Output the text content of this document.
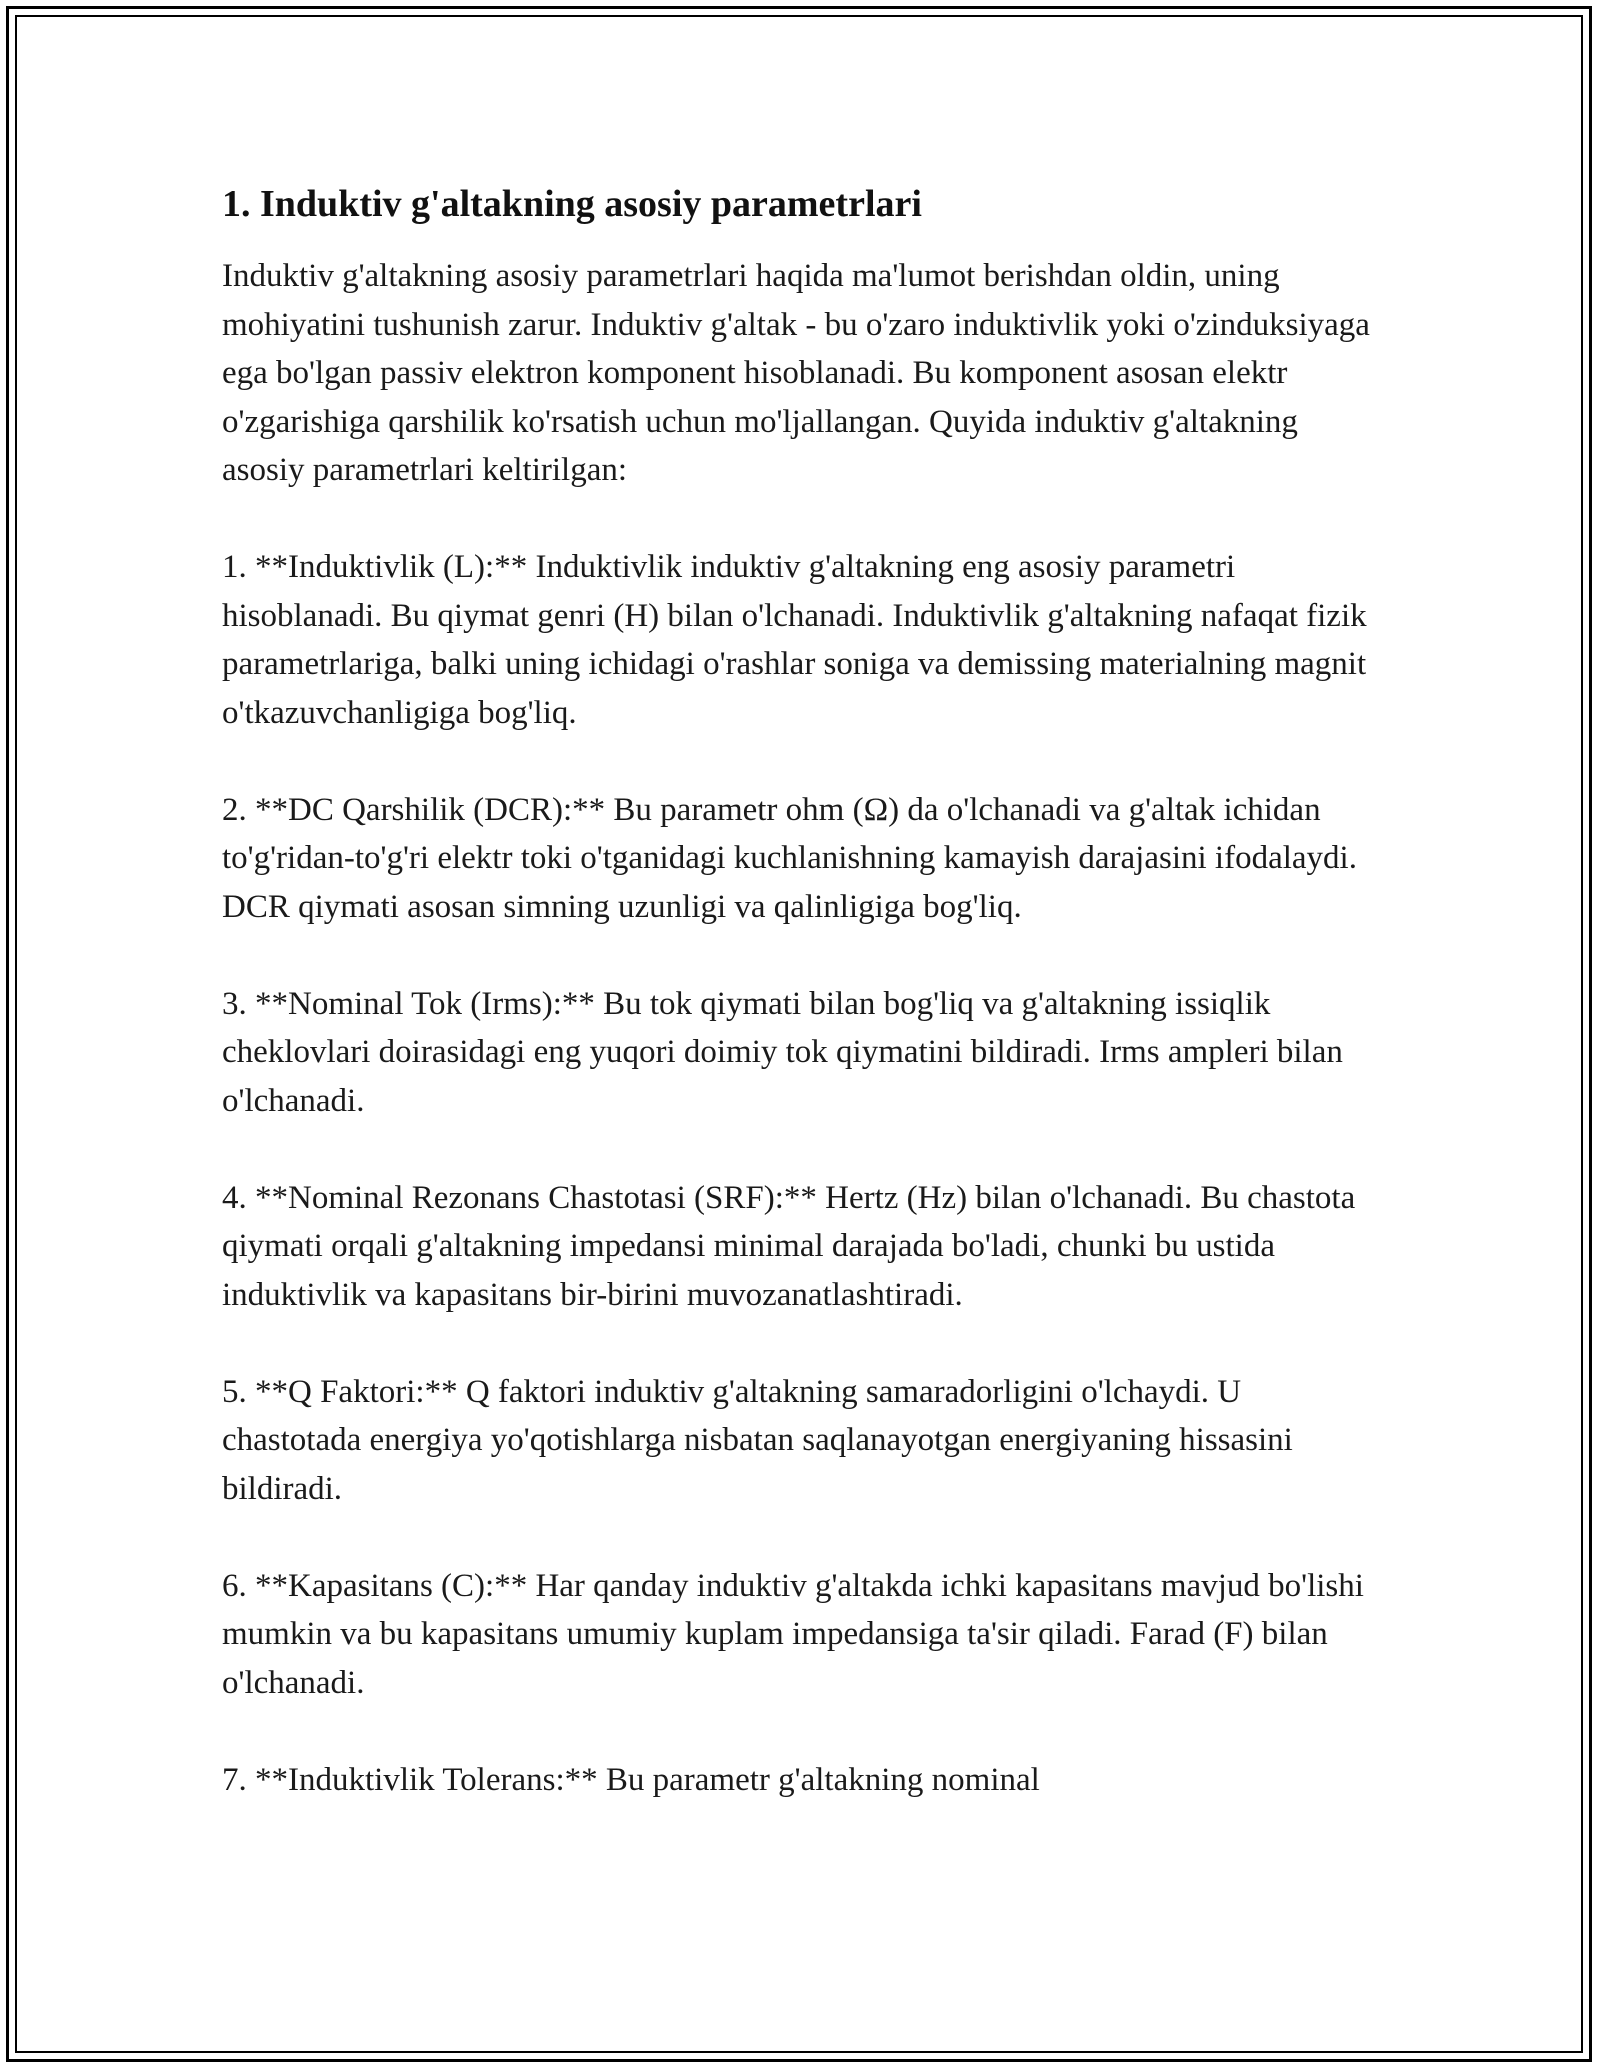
1. Induktiv g'altakning asosiy parametrlari

Induktiv g'altakning asosiy parametrlari haqida ma'lumot berishdan oldin, uning mohiyatini tushunish zarur. Induktiv g'altak - bu o'zaro induktivlik yoki o'zinduksiyaga ega bo'lgan passiv elektron komponent hisoblanadi. Bu komponent asosan elektr o'zgarishiga qarshilik ko'rsatish uchun mo'ljallangan. Quyida induktiv g'altakning asosiy parametrlari keltirilgan:

1. **Induktivlik (L):** Induktivlik induktiv g'altakning eng asosiy parametri hisoblanadi. Bu qiymat genri (H) bilan o'lchanadi. Induktivlik g'altakning nafaqat fizik parametrlariga, balki uning ichidagi o'rashlar soniga va demissing materialning magnit o'tkazuvchanligiga bog'liq.

2. **DC Qarshilik (DCR):** Bu parametr ohm (Ω) da o'lchanadi va g'altak ichidan to'g'ridan-to'g'ri elektr toki o'tganidagi kuchlanishning kamayish darajasini ifodalaydi. DCR qiymati asosan simning uzunligi va qalinligiga bog'liq.

3. **Nominal Tok (Irms):** Bu tok qiymati bilan bog'liq va g'altakning issiqlik cheklovlari doirasidagi eng yuqori doimiy tok qiymatini bildiradi. Irms ampleri bilan o'lchanadi.

4. **Nominal Rezonans Chastotasi (SRF):** Hertz (Hz) bilan o'lchanadi. Bu chastota qiymati orqali g'altakning impedansi minimal darajada bo'ladi, chunki bu ustida induktivlik va kapasitans bir-birini muvozanatlashtiradi.

5. **Q Faktori:** Q faktori induktiv g'altakning samaradorligini o'lchaydi. U chastotada energiya yo'qotishlarga nisbatan saqlanayotgan energiyaning hissasini bildiradi.

6. **Kapasitans (C):** Har qanday induktiv g'altakda ichki kapasitans mavjud bo'lishi mumkin va bu kapasitans umumiy kuplam impedansiga ta'sir qiladi. Farad (F) bilan o'lchanadi.

7. **Induktivlik Tolerans:** Bu parametr g'altakning nominal
